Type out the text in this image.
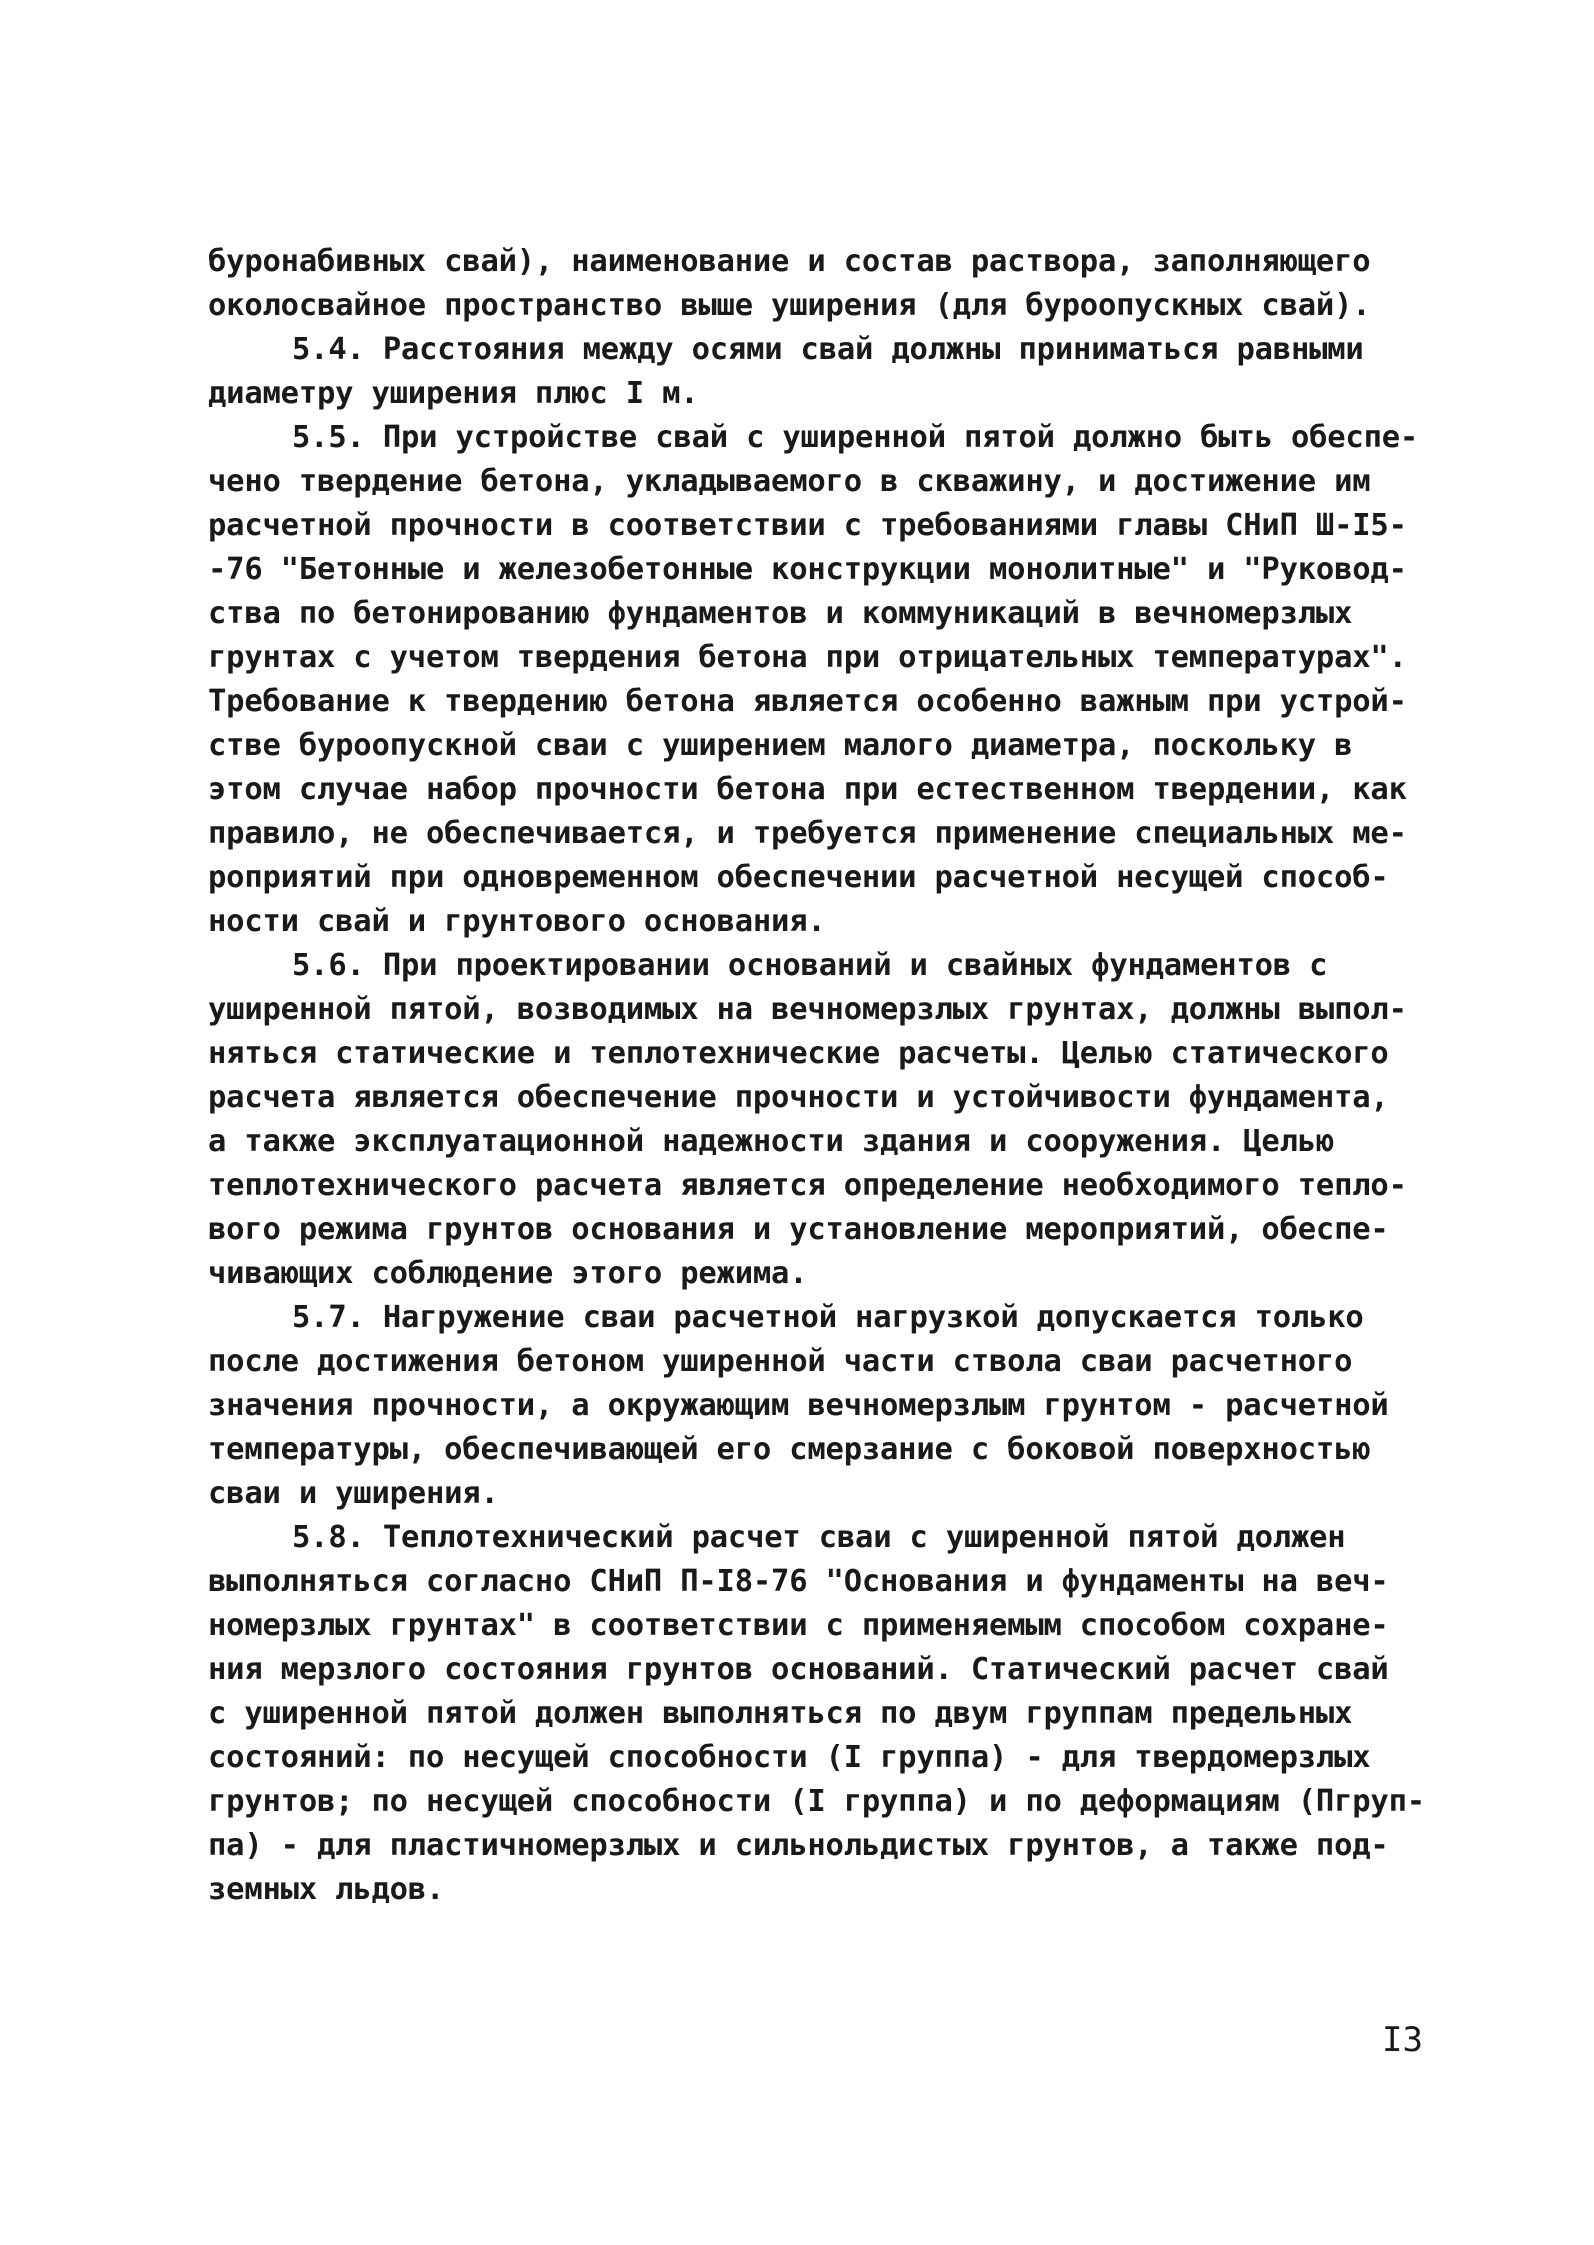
буронабивных свай), наименование и состав раствора, заполняющего

околосвайное пространство выше уширения (для буроопускных свай).

5.4. Расстояния между осями свай должны приниматься равными

диаметру уширения плюс I м.

5.5. При устройстве свай с уширенной пятой должно быть обеспе-

чено твердение бетона, укладываемого в скважину, и достижение им

расчетной прочности в соответствии с требованиями главы СНиП Ш-I5-

-76 "Бетонные и железобетонные конструкции монолитные" и "Руковод-

ства по бетонированию фундаментов и коммуникаций в вечномерзлых

грунтах с учетом твердения бетона при отрицательных температурах".

Требование к твердению бетона является особенно важным при устрой-

стве буроопускной сваи с уширением малого диаметра, поскольку в

этом случае набор прочности бетона при естественном твердении, как

правило, не обеспечивается, и требуется применение специальных ме-

роприятий при одновременном обеспечении расчетной несущей способ-

ности свай и грунтового основания.

5.6. При проектировании оснований и свайных фундаментов с

уширенной пятой, возводимых на вечномерзлых грунтах, должны выпол-

няться статические и теплотехнические расчеты. Целью статического

расчета является обеспечение прочности и устойчивости фундамента,

а также эксплуатационной надежности здания и сооружения. Целью

теплотехнического расчета является определение необходимого тепло-

вого режима грунтов основания и установление мероприятий, обеспе-

чивающих соблюдение этого режима.

5.7. Нагружение сваи расчетной нагрузкой допускается только

после достижения бетоном уширенной части ствола сваи расчетного

значения прочности, а окружающим вечномерзлым грунтом - расчетной

температуры, обеспечивающей его смерзание с боковой поверхностью

сваи и уширения.

5.8. Теплотехнический расчет сваи с уширенной пятой должен

выполняться согласно СНиП П-I8-76 "Основания и фундаменты на веч-

номерзлых грунтах" в соответствии с применяемым способом сохране-

ния мерзлого состояния грунтов оснований. Статический расчет свай

с уширенной пятой должен выполняться по двум группам предельных

состояний: по несущей способности (I группа) - для твердомерзлых

грунтов; по несущей способности (I группа) и по деформациям (Пгруп-

па) - для пластичномерзлых и сильнольдистых грунтов, а также под-

земных льдов.

I3
